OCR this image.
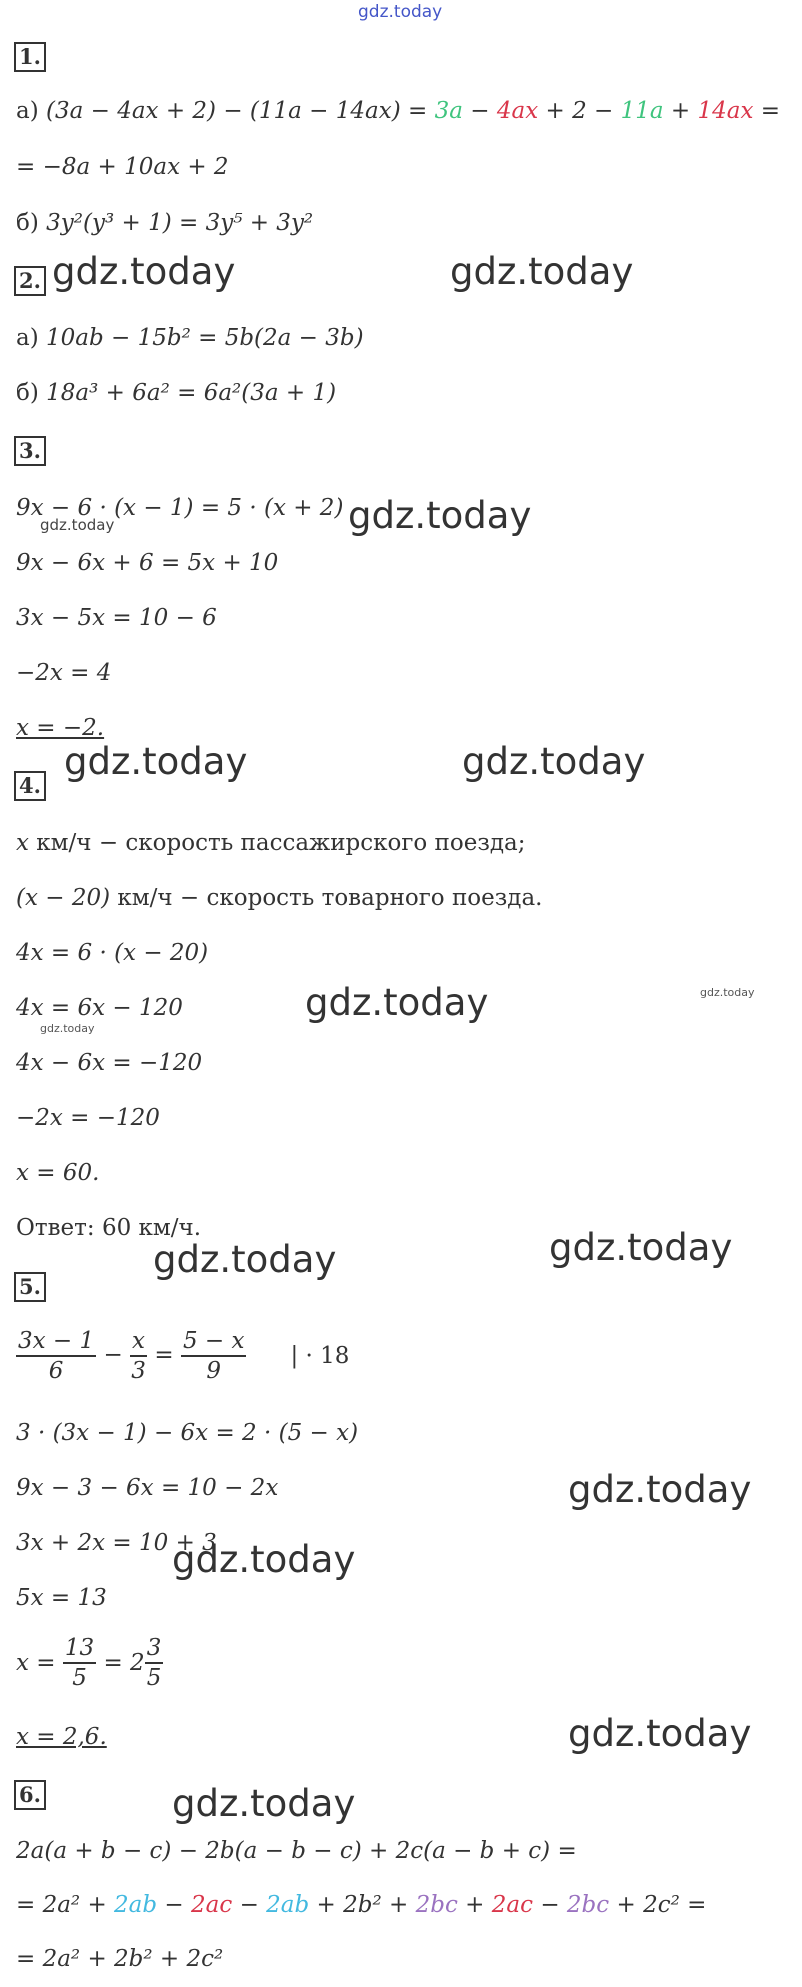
gdz.today
1.
а) (3a − 4ax + 2) − (11a − 14ax) = 3a − 4ax + 2 − 11a + 14ax =
= −8a + 10ax + 2
б) 3y²(y³ + 1) = 3y⁵ + 3y²
2. gdz.today	gdz.today
а) 10ab − 15b² = 5b(2a − 3b)
б) 18a³ + 6a² = 6a²(3a + 1)
3.
9x − 6 · (x − 1) = 5 · (x + 2)
gdz.today	gdz.today
9x − 6x + 6 = 5x + 10
3x − 5x = 10 − 6
−2x = 4
x = −2.
4.
gdz.today	gdz.today
x км/ч − скорость пассажирского поезда;
(x − 20) км/ч − скорость товарного поезда.
4x = 6 · (x − 20)
4x = 6x − 120
gdz.today
gdz.today	gdz.today
4x − 6x = −120
−2x = −120
x = 60.
Ответ: 60 км/ч.
gdz.today	gdz.today
5.
$\frac{3x - 1}{6} - \frac{x}{3} = \frac{5 - x}{9}$ | · 18
3 · (3x − 1) − 6x = 2 · (5 − x)
9x − 3 − 6x = 10 − 2x	gdz.today
3x + 2x = 10 + 3
gdz.today
5x = 13
$x = \frac{13}{5} = 2 \frac{3}{5}$
x = 2,6.	gdz.today
6.	gdz.today
2a(a + b − c) − 2b(a − b − c) + 2c(a − b + c) =
= 2a² + 2ab − 2ac − 2ab + 2b² + 2bc + 2ac − 2bc + 2c² =
= 2a² + 2b² + 2c²
